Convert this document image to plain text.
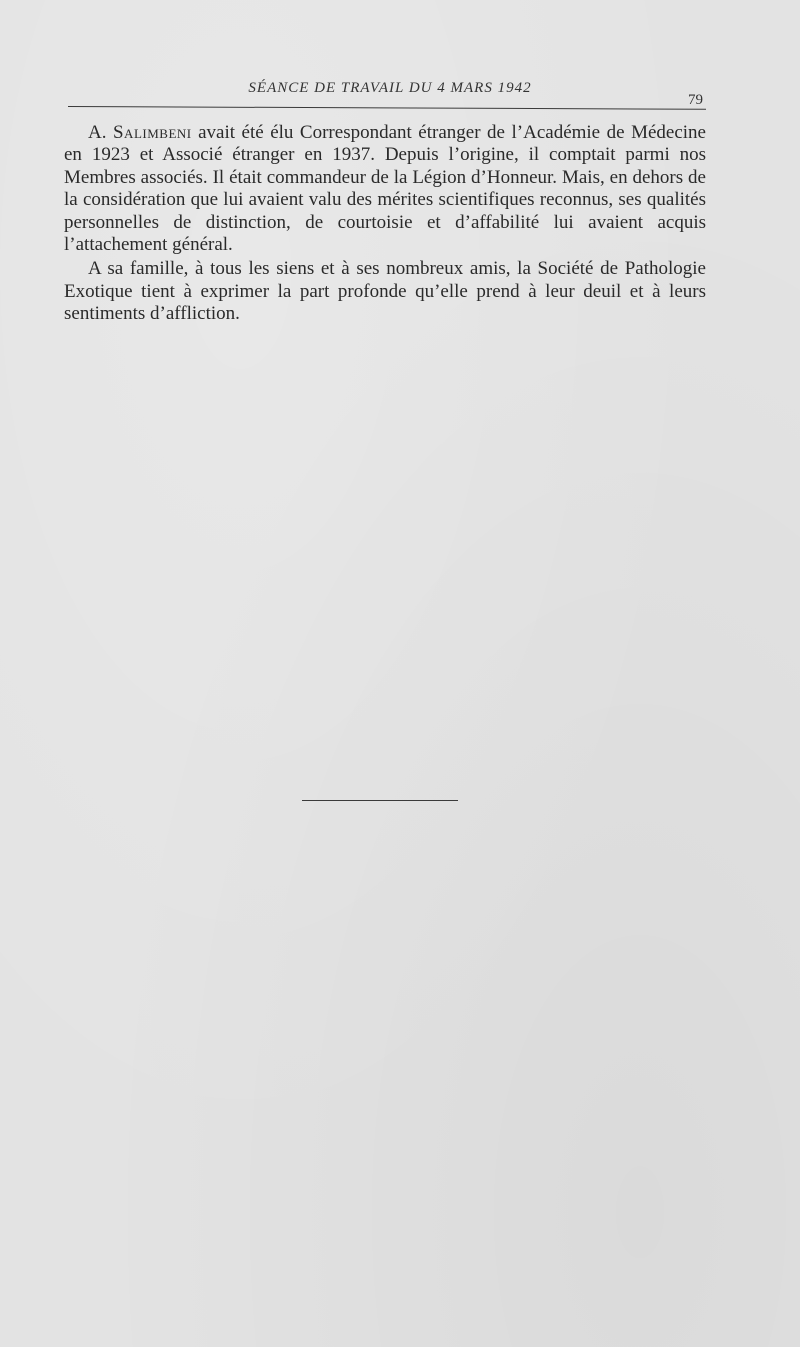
SÉANCE DE TRAVAIL DU 4 MARS 1942
79

A. Salimbeni avait été élu Correspondant étranger de l’Académie de Médecine en 1923 et Associé étranger en 1937. Depuis l’origine, il comptait parmi nos Membres associés. Il était commandeur de la Légion d’Honneur. Mais, en dehors de la considération que lui avaient valu des mérites scientifiques reconnus, ses qualités personnelles de distinction, de courtoisie et d’affabilité lui avaient acquis l’attachement général.

A sa famille, à tous les siens et à ses nombreux amis, la Société de Pathologie Exotique tient à exprimer la part profonde qu’elle prend à leur deuil et à leurs sentiments d’affliction.
